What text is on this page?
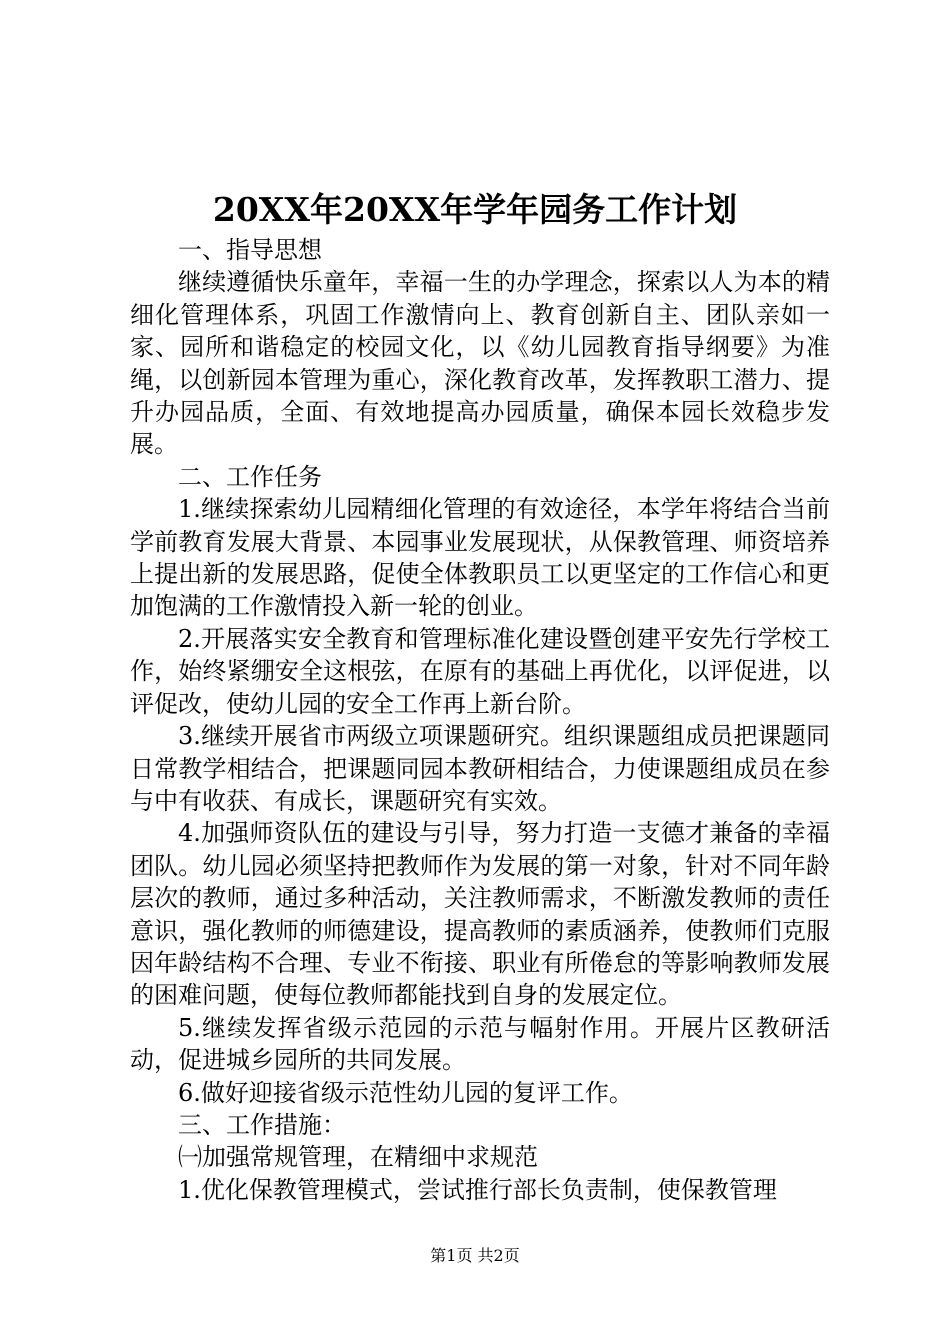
20XX年20XX年学年园务工作计划

一、指导思想

继续遵循快乐童年，幸福一生的办学理念，探索以人为本的精细化管理体系，巩固工作激情向上、教育创新自主、团队亲如一家、园所和谐稳定的校园文化，以《幼儿园教育指导纲要》为准绳，以创新园本管理为重心，深化教育改革，发挥教职工潜力、提升办园品质，全面、有效地提高办园质量，确保本园长效稳步发展。

二、工作任务

1.继续探索幼儿园精细化管理的有效途径，本学年将结合当前学前教育发展大背景、本园事业发展现状，从保教管理、师资培养上提出新的发展思路，促使全体教职员工以更坚定的工作信心和更加饱满的工作激情投入新一轮的创业。

2.开展落实安全教育和管理标准化建设暨创建平安先行学校工作，始终紧绷安全这根弦，在原有的基础上再优化，以评促进，以评促改，使幼儿园的安全工作再上新台阶。

3.继续开展省市两级立项课题研究。组织课题组成员把课题同日常教学相结合，把课题同园本教研相结合，力使课题组成员在参与中有收获、有成长，课题研究有实效。

4.加强师资队伍的建设与引导，努力打造一支德才兼备的幸福团队。幼儿园必须坚持把教师作为发展的第一对象，针对不同年龄层次的教师，通过多种活动，关注教师需求，不断激发教师的责任意识，强化教师的师德建设，提高教师的素质涵养，使教师们克服因年龄结构不合理、专业不衔接、职业有所倦怠的等影响教师发展的困难问题，使每位教师都能找到自身的发展定位。

5.继续发挥省级示范园的示范与幅射作用。开展片区教研活动，促进城乡园所的共同发展。

6.做好迎接省级示范性幼儿园的复评工作。

三、工作措施：

㈠加强常规管理，在精细中求规范

1.优化保教管理模式，尝试推行部长负责制，使保教管理

第1页 共2页
